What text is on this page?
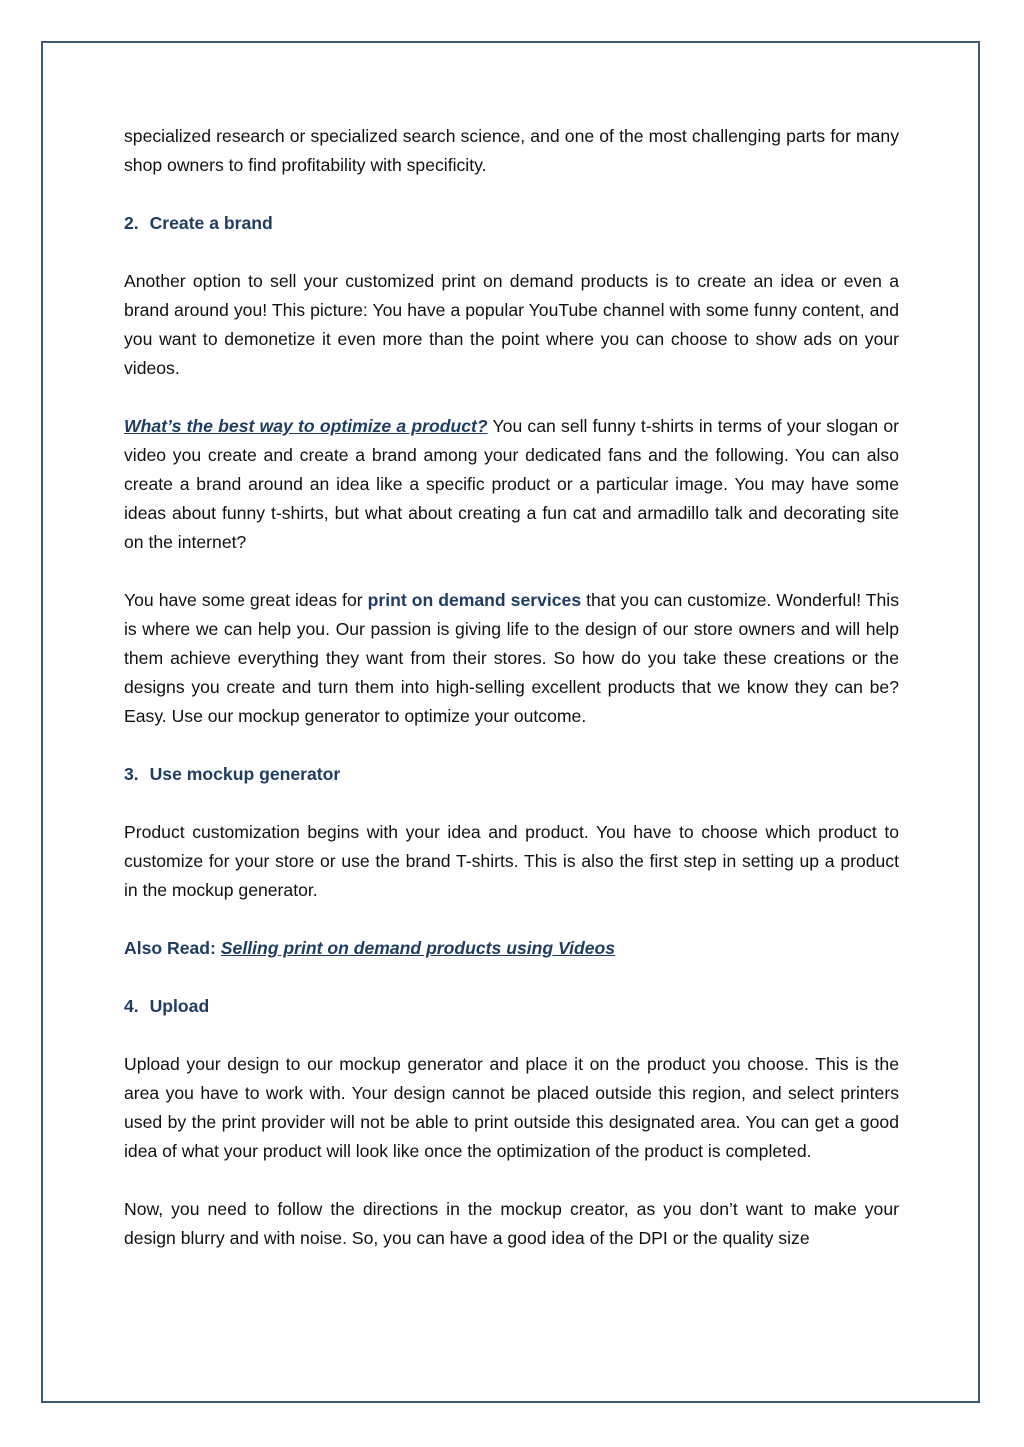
specialized research or specialized search science, and one of the most challenging parts for many shop owners to find profitability with specificity.

2. Create a brand

Another option to sell your customized print on demand products is to create an idea or even a brand around you! This picture: You have a popular YouTube channel with some funny content, and you want to demonetize it even more than the point where you can choose to show ads on your videos.

What’s the best way to optimize a product? You can sell funny t-shirts in terms of your slogan or video you create and create a brand among your dedicated fans and the following. You can also create a brand around an idea like a specific product or a particular image. You may have some ideas about funny t-shirts, but what about creating a fun cat and armadillo talk and decorating site on the internet?

You have some great ideas for print on demand services that you can customize. Wonderful! This is where we can help you. Our passion is giving life to the design of our store owners and will help them achieve everything they want from their stores. So how do you take these creations or the designs you create and turn them into high-selling excellent products that we know they can be? Easy. Use our mockup generator to optimize your outcome.

3. Use mockup generator

Product customization begins with your idea and product. You have to choose which product to customize for your store or use the brand T-shirts. This is also the first step in setting up a product in the mockup generator.

Also Read: Selling print on demand products using Videos

4. Upload

Upload your design to our mockup generator and place it on the product you choose. This is the area you have to work with. Your design cannot be placed outside this region, and select printers used by the print provider will not be able to print outside this designated area. You can get a good idea of what your product will look like once the optimization of the product is completed.

Now, you need to follow the directions in the mockup creator, as you don’t want to make your design blurry and with noise. So, you can have a good idea of the DPI or the quality size
